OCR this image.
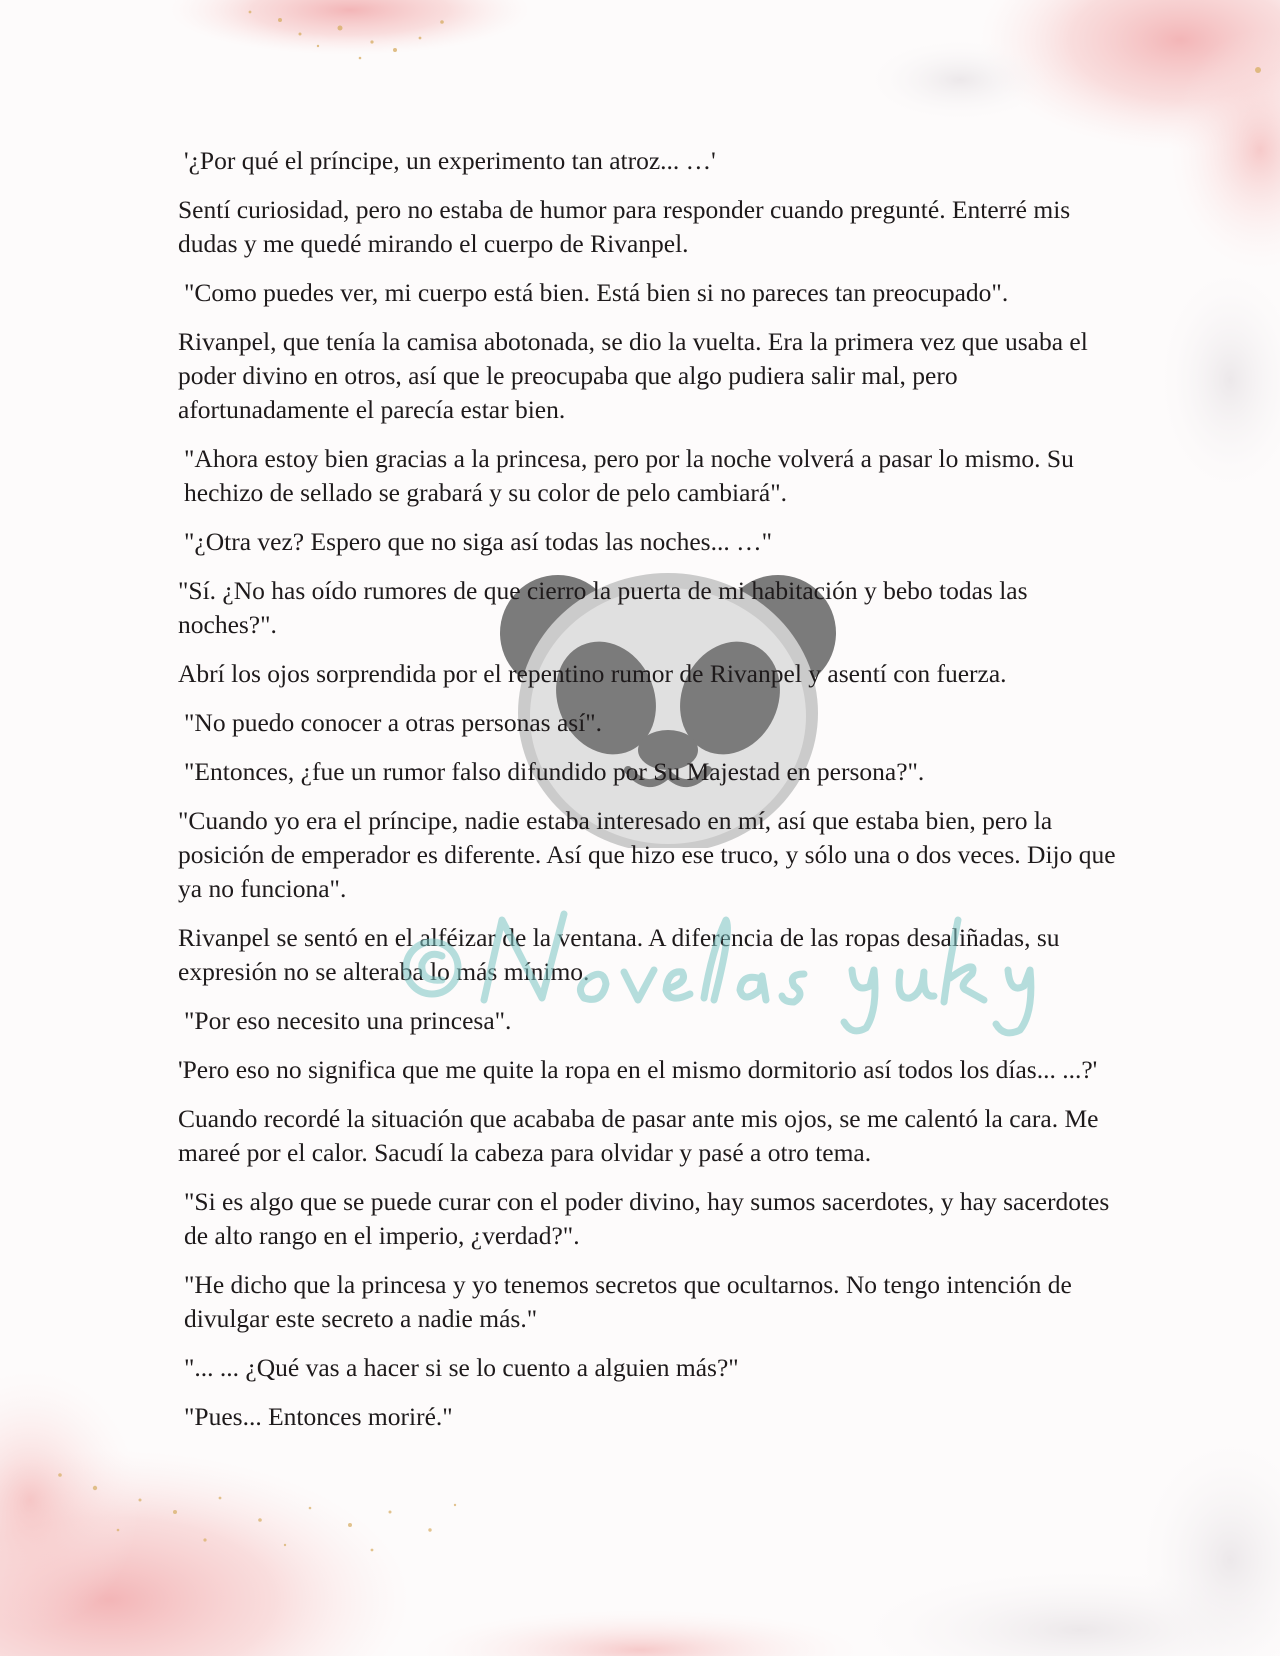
'¿Por qué el príncipe, un experimento tan atroz... …'

Sentí curiosidad, pero no estaba de humor para responder cuando pregunté. Enterré mis dudas y me quedé mirando el cuerpo de Rivanpel.

"Como puedes ver, mi cuerpo está bien. Está bien si no pareces tan preocupado".

Rivanpel, que tenía la camisa abotonada, se dio la vuelta. Era la primera vez que usaba el poder divino en otros, así que le preocupaba que algo pudiera salir mal, pero afortunadamente el parecía estar bien.

"Ahora estoy bien gracias a la princesa, pero por la noche volverá a pasar lo mismo. Su hechizo de sellado se grabará y su color de pelo cambiará".

"¿Otra vez? Espero que no siga así todas las noches... …"

"Sí. ¿No has oído rumores de que cierro la puerta de mi habitación y bebo todas las noches?".

Abrí los ojos sorprendida por el repentino rumor de Rivanpel y asentí con fuerza.

"No puedo conocer a otras personas así".

"Entonces, ¿fue un rumor falso difundido por Su Majestad en persona?".

"Cuando yo era el príncipe, nadie estaba interesado en mí, así que estaba bien, pero la posición de emperador es diferente. Así que hizo ese truco, y sólo una o dos veces. Dijo que ya no funciona".

Rivanpel se sentó en el alféizar de la ventana. A diferencia de las ropas desaliñadas, su expresión no se alteraba lo más mínimo.

"Por eso necesito una princesa".

'Pero eso no significa que me quite la ropa en el mismo dormitorio así todos los días... ...?'

Cuando recordé la situación que acababa de pasar ante mis ojos, se me calentó la cara. Me mareé por el calor. Sacudí la cabeza para olvidar y pasé a otro tema.

"Si es algo que se puede curar con el poder divino, hay sumos sacerdotes, y hay sacerdotes de alto rango en el imperio, ¿verdad?".

"He dicho que la princesa y yo tenemos secretos que ocultarnos. No tengo intención de divulgar este secreto a nadie más."

"... ... ¿Qué vas a hacer si se lo cuento a alguien más?"

"Pues... Entonces moriré."
